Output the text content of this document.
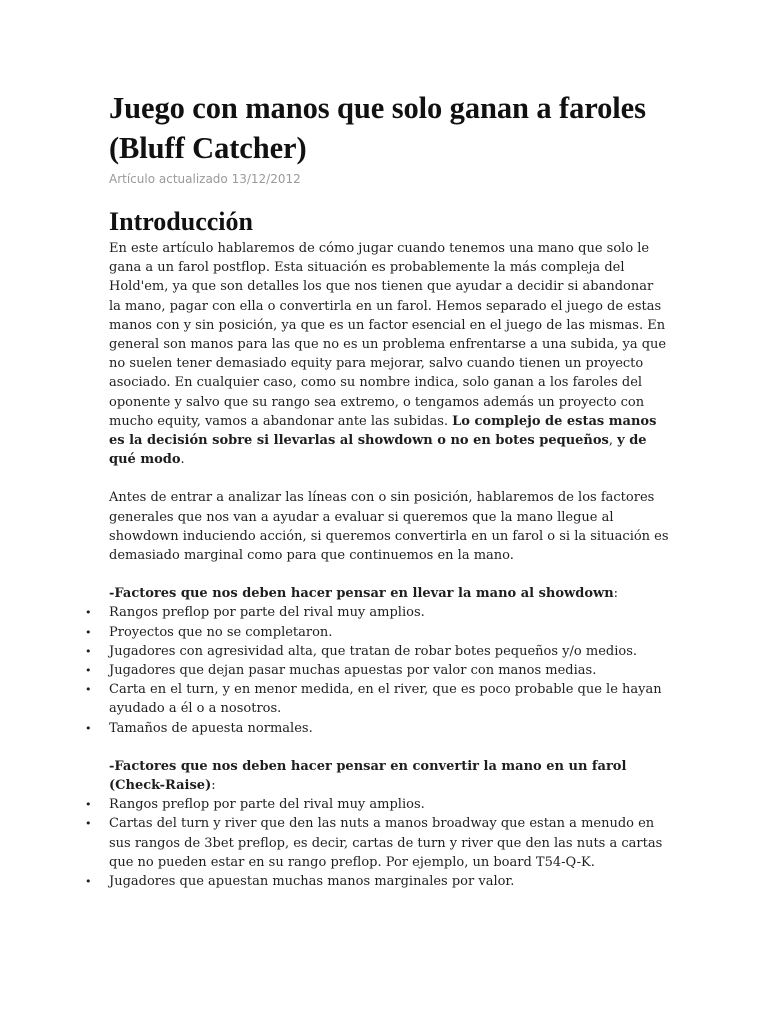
Juego con manos que solo ganan a faroles (Bluff Catcher)
Artículo actualizado 13/12/2012
Introducción

En este artículo hablaremos de cómo jugar cuando tenemos una mano que solo le gana a un farol postflop. Esta situación es probablemente la más compleja del Hold'em, ya que son detalles los que nos tienen que ayudar a decidir si abandonar la mano, pagar con ella o convertirla en un farol. Hemos separado el juego de estas manos con y sin posición, ya que es un factor esencial en el juego de las mismas. En general son manos para las que no es un problema enfrentarse a una subida, ya que no suelen tener demasiado equity para mejorar, salvo cuando tienen un proyecto asociado. En cualquier caso, como su nombre indica, solo ganan a los faroles del oponente y salvo que su rango sea extremo, o tengamos además un proyecto con mucho equity, vamos a abandonar ante las subidas. Lo complejo de estas manos es la decisión sobre si llevarlas al showdown o no en botes pequeños, y de qué modo.

Antes de entrar a analizar las líneas con o sin posición, hablaremos de los factores generales que nos van a ayudar a evaluar si queremos que la mano llegue al showdown induciendo acción, si queremos convertirla en un farol o si la situación es demasiado marginal como para que continuemos en la mano.

-Factores que nos deben hacer pensar en llevar la mano al showdown:
• Rangos preflop por parte del rival muy amplios.
• Proyectos que no se completaron.
• Jugadores con agresividad alta, que tratan de robar botes pequeños y/o medios.
• Jugadores que dejan pasar muchas apuestas por valor con manos medias.
• Carta en el turn, y en menor medida, en el river, que es poco probable que le hayan ayudado a él o a nosotros.
• Tamaños de apuesta normales.
-Factores que nos deben hacer pensar en convertir la mano en un farol (Check-Raise):
• Rangos preflop por parte del rival muy amplios.
• Cartas del turn y river que den las nuts a manos broadway que estan a menudo en sus rangos de 3bet preflop, es decir, cartas de turn y river que den las nuts a cartas que no pueden estar en su rango preflop. Por ejemplo, un board T54-Q-K.
• Jugadores que apuestan muchas manos marginales por valor.
